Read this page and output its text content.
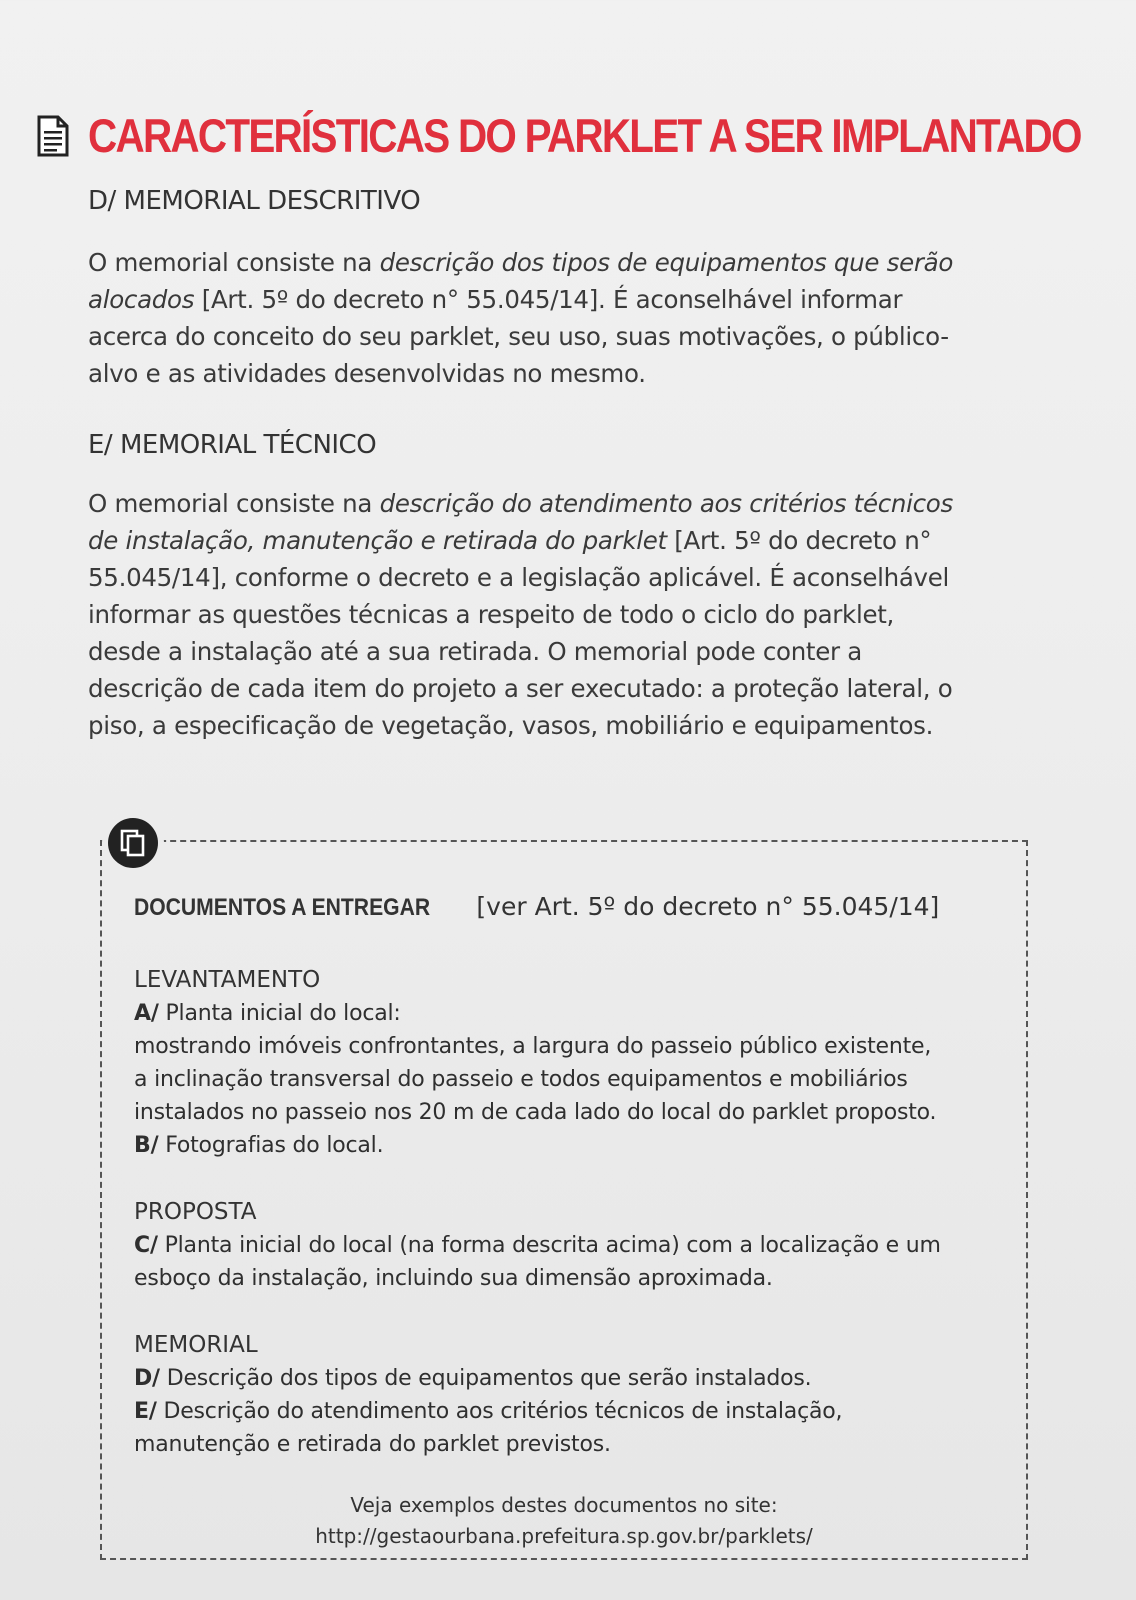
CARACTERÍSTICAS DO PARKLET A SER IMPLANTADO
D/ MEMORIAL DESCRITIVO

O memorial consiste na descrição dos tipos de equipamentos que serão
alocados [Art. 5º do decreto n° 55.045/14]. É aconselhável informar
acerca do conceito do seu parklet, seu uso, suas motivações, o público-
alvo e as atividades desenvolvidas no mesmo.

E/ MEMORIAL TÉCNICO

O memorial consiste na descrição do atendimento aos critérios técnicos
de instalação, manutenção e retirada do parklet [Art. 5º do decreto n°
55.045/14], conforme o decreto e a legislação aplicável. É aconselhável
informar as questões técnicas a respeito de todo o ciclo do parklet,
desde a instalação até a sua retirada. O memorial pode conter a
descrição de cada item do projeto a ser executado: a proteção lateral, o
piso, a especificação de vegetação, vasos, mobiliário e equipamentos.

DOCUMENTOS A ENTREGAR [ver Art. 5º do decreto n° 55.045/14]

LEVANTAMENTO

A/ Planta inicial do local:
mostrando imóveis confrontantes, a largura do passeio público existente,
a inclinação transversal do passeio e todos equipamentos e mobiliários
instalados no passeio nos 20 m de cada lado do local do parklet proposto.
B/ Fotografias do local.

PROPOSTA

C/ Planta inicial do local (na forma descrita acima) com a localização e um
esboço da instalação, incluindo sua dimensão aproximada.

MEMORIAL

D/ Descrição dos tipos de equipamentos que serão instalados.
E/ Descrição do atendimento aos critérios técnicos de instalação,
manutenção e retirada do parklet previstos.

Veja exemplos destes documentos no site:
http://gestaourbana.prefeitura.sp.gov.br/parklets/
